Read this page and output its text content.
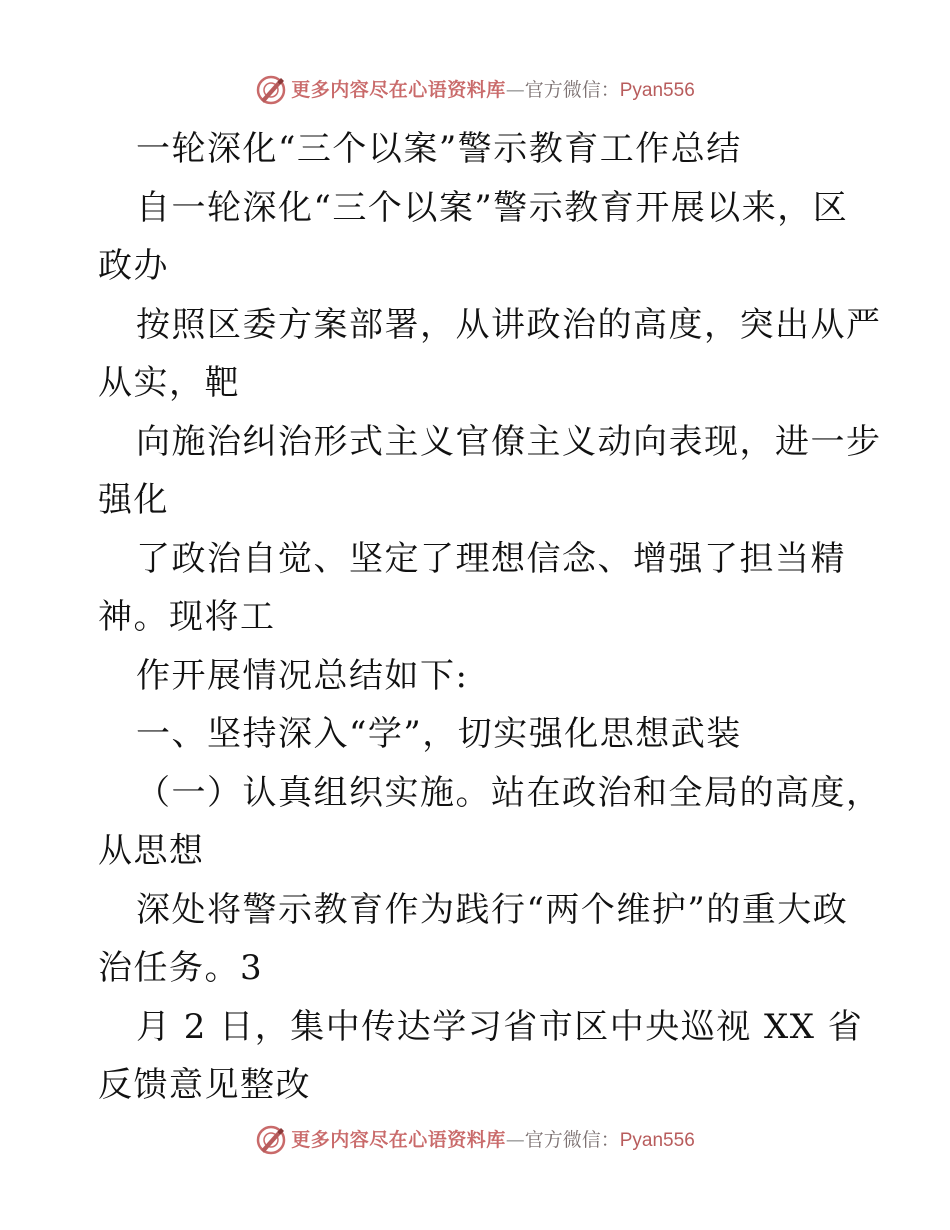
更多内容尽在心语资料库 — 官方微信： Pyan556
一轮深化“三个以案”警示教育工作总结
自一轮深化“三个以案”警示教育开展以来，区
政办
按照区委方案部署，从讲政治的高度，突出从严
从实，靶
向施治纠治形式主义官僚主义动向表现，进一步
强化
了政治自觉、坚定了理想信念、增强了担当精
神。现将工
作开展情况总结如下:
一、坚持深入“学”，切实强化思想武装
（一）认真组织实施。站在政治和全局的高度，
从思想
深处将警示教育作为践行“两个维护”的重大政
治任务。3
月 2 日，集中传达学习省市区中央巡视 XX 省
反馈意见整改
更多内容尽在心语资料库 — 官方微信： Pyan556
